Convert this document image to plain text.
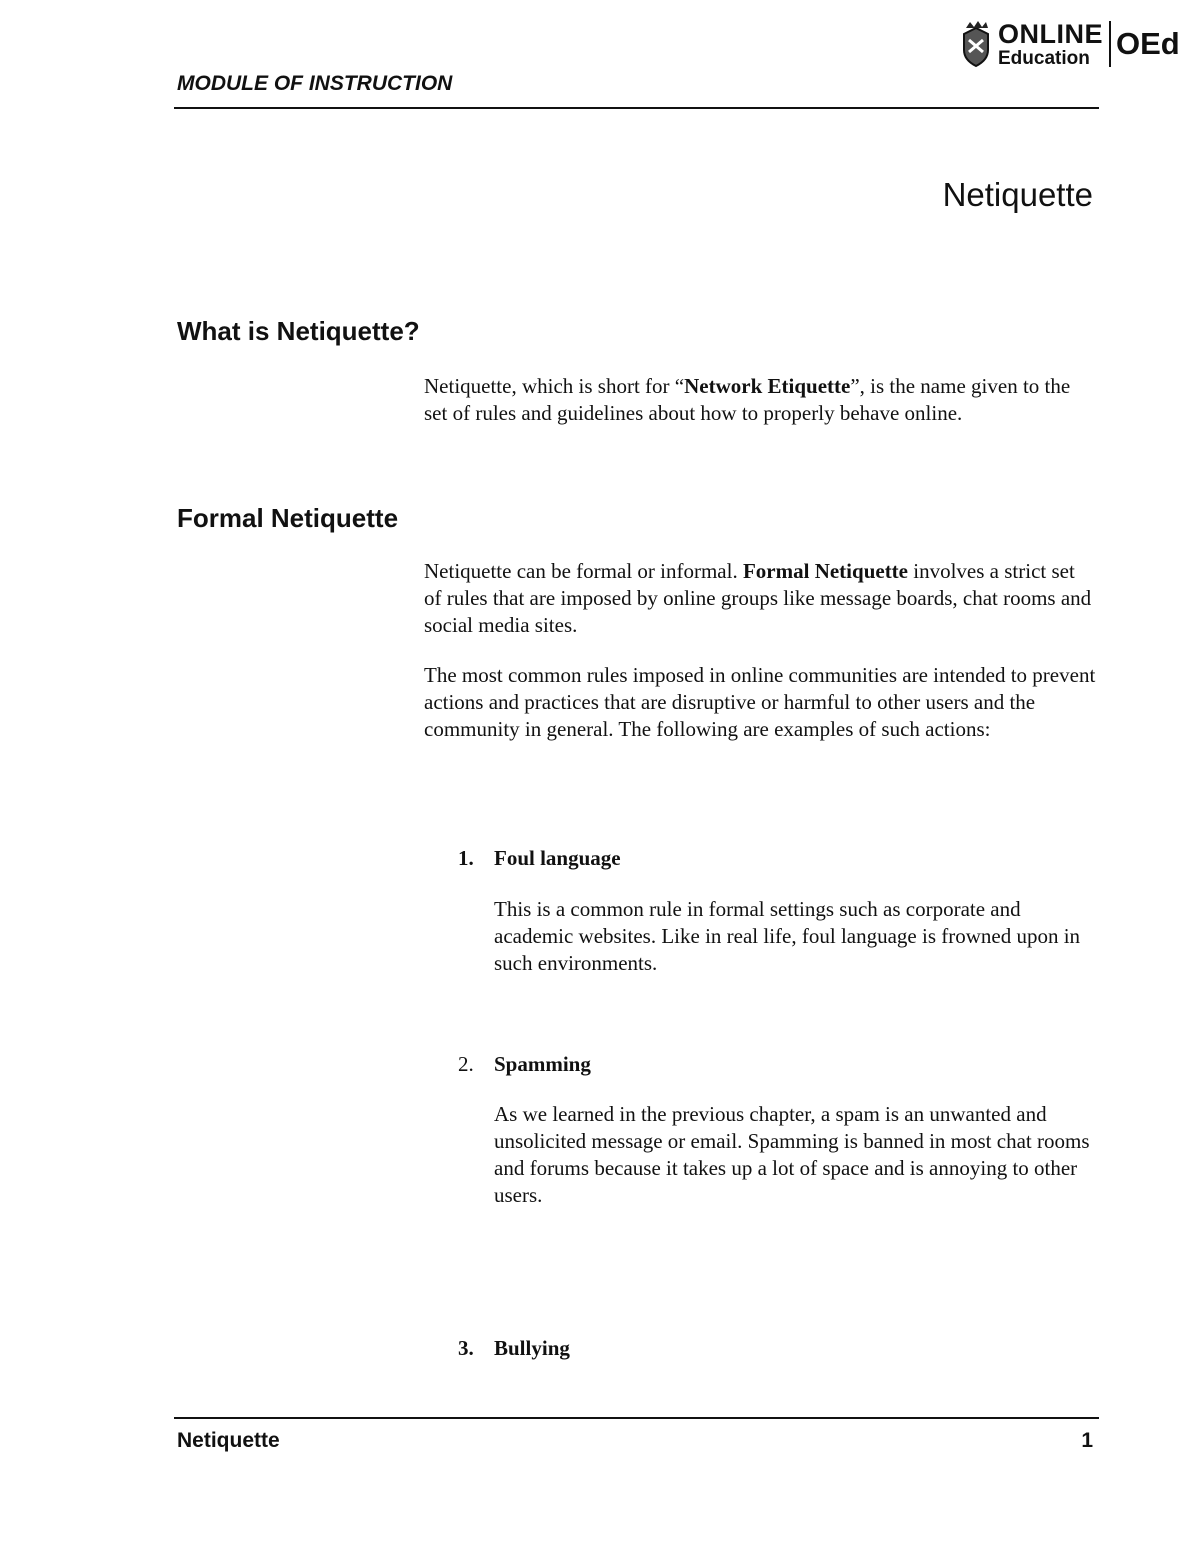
MODULE OF INSTRUCTION

ONLINE
Education OEd
Netiquette
What is Netiquette?

Netiquette, which is short for “Network Etiquette”, is the name given to the set of rules and guidelines about how to properly behave online.

Formal Netiquette

Netiquette can be formal or informal. Formal Netiquette involves a strict set of rules that are imposed by online groups like message boards, chat rooms and social media sites.

The most common rules imposed in online communities are intended to prevent actions and practices that are disruptive or harmful to other users and the community in general. The following are examples of such actions:

1. Foul language

This is a common rule in formal settings such as corporate and academic websites. Like in real life, foul language is frowned upon in such environments.

2. Spamming

As we learned in the previous chapter, a spam is an unwanted and unsolicited message or email. Spamming is banned in most chat rooms and forums because it takes up a lot of space and is annoying to other users.

3. Bullying

Netiquette	1
